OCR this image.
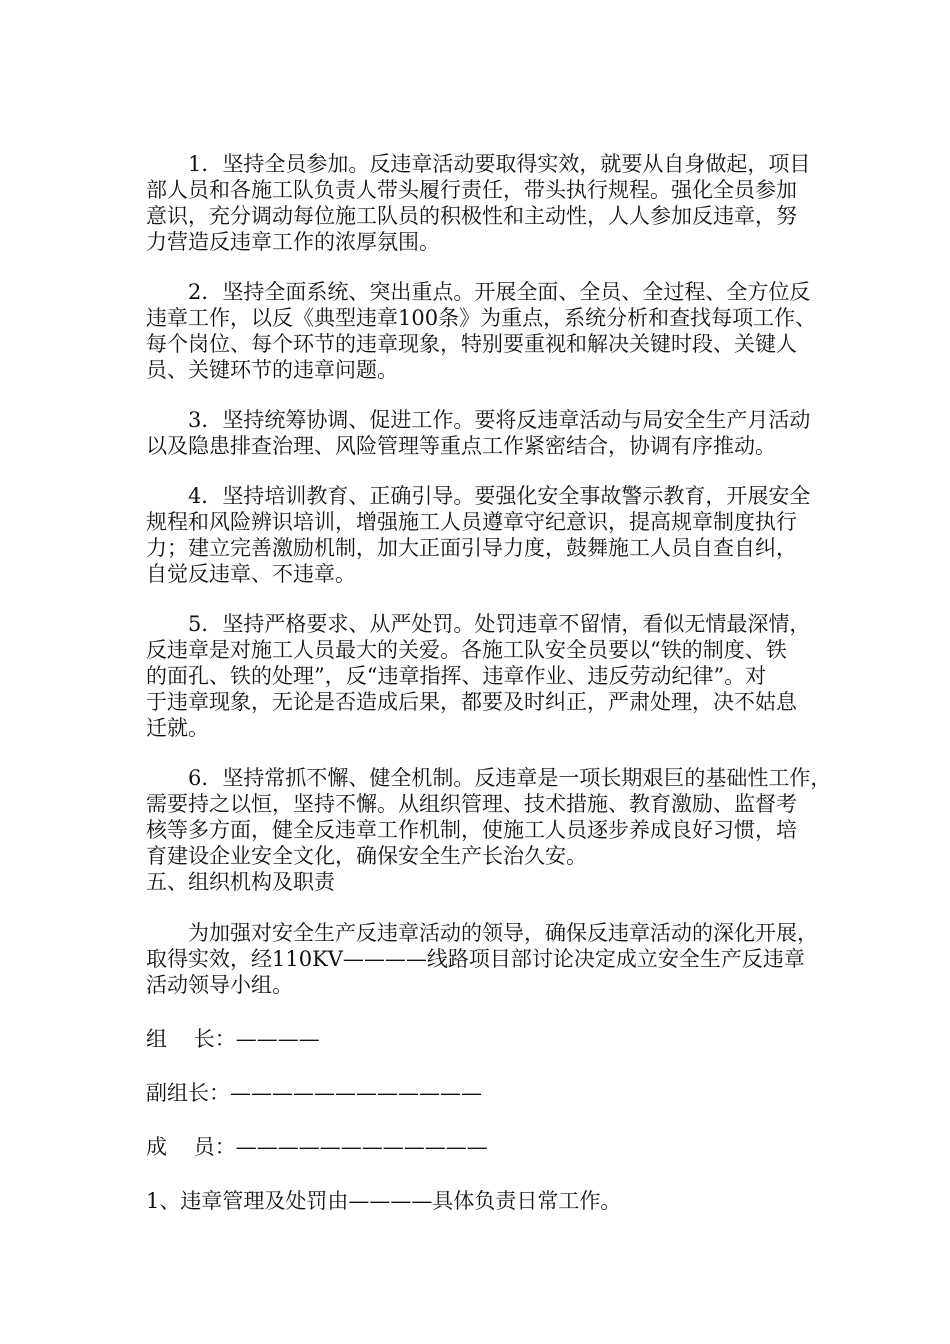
1．坚持全员参加。反违章活动要取得实效，就要从自身做起，项目
部人员和各施工队负责人带头履行责任，带头执行规程。强化全员参加
意识，充分调动每位施工队员的积极性和主动性，人人参加反违章，努
力营造反违章工作的浓厚氛围。

2．坚持全面系统、突出重点。开展全面、全员、全过程、全方位反
违章工作，以反《典型违章100条》为重点，系统分析和查找每项工作、
每个岗位、每个环节的违章现象，特别要重视和解决关键时段、关键人
员、关键环节的违章问题。

3．坚持统筹协调、促进工作。要将反违章活动与局安全生产月活动
以及隐患排查治理、风险管理等重点工作紧密结合，协调有序推动。

4．坚持培训教育、正确引导。要强化安全事故警示教育，开展安全
规程和风险辨识培训，增强施工人员遵章守纪意识，提高规章制度执行
力；建立完善激励机制，加大正面引导力度，鼓舞施工人员自查自纠，
自觉反违章、不违章。

5．坚持严格要求、从严处罚。处罚违章不留情，看似无情最深情，
反违章是对施工人员最大的关爱。各施工队安全员要以“铁的制度、铁
的面孔、铁的处理”，反“违章指挥、违章作业、违反劳动纪律”。对
于违章现象，无论是否造成后果，都要及时纠正，严肃处理，决不姑息
迁就。

6．坚持常抓不懈、健全机制。反违章是一项长期艰巨的基础性工作，
需要持之以恒，坚持不懈。从组织管理、技术措施、教育激励、监督考
核等多方面，健全反违章工作机制，使施工人员逐步养成良好习惯，培
育建设企业安全文化，确保安全生产长治久安。

五、组织机构及职责

为加强对安全生产反违章活动的领导，确保反违章活动的深化开展，
取得实效，经110KV————线路项目部讨论决定成立安全生产反违章
活动领导小组。

组    长：————

副组长：————————————

成    员：————————————

1、违章管理及处罚由————具体负责日常工作。
